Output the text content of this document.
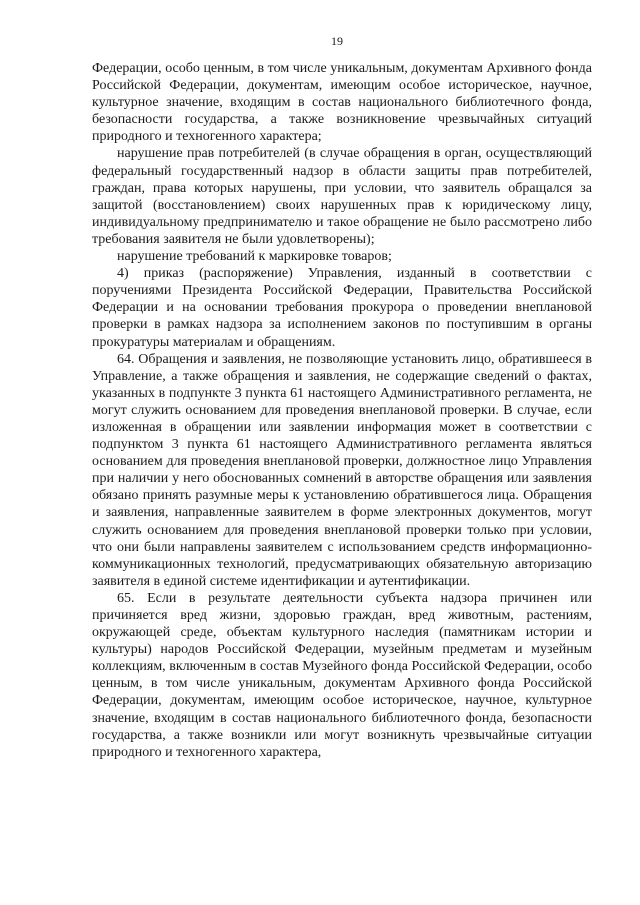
19

Федерации, особо ценным, в том числе уникальным, документам Архивного фонда Российской Федерации, документам, имеющим особое историческое, научное, культурное значение, входящим в состав национального библиотечного фонда, безопасности государства, а также возникновение чрезвычайных ситуаций природного и техногенного характера;

нарушение прав потребителей (в случае обращения в орган, осуществляющий федеральный государственный надзор в области защиты прав потребителей, граждан, права которых нарушены, при условии, что заявитель обращался за защитой (восстановлением) своих нарушенных прав к юридическому лицу, индивидуальному предпринимателю и такое обращение не было рассмотрено либо требования заявителя не были удовлетворены);

нарушение требований к маркировке товаров;

4) приказ (распоряжение) Управления, изданный в соответствии с поручениями Президента Российской Федерации, Правительства Российской Федерации и на основании требования прокурора о проведении внеплановой проверки в рамках надзора за исполнением законов по поступившим в органы прокуратуры материалам и обращениям.

64. Обращения и заявления, не позволяющие установить лицо, обратившееся в Управление, а также обращения и заявления, не содержащие сведений о фактах, указанных в подпункте 3 пункта 61 настоящего Административного регламента, не могут служить основанием для проведения внеплановой проверки. В случае, если изложенная в обращении или заявлении информация может в соответствии с подпунктом 3 пункта 61 настоящего Административного регламента являться основанием для проведения внеплановой проверки, должностное лицо Управления при наличии у него обоснованных сомнений в авторстве обращения или заявления обязано принять разумные меры к установлению обратившегося лица. Обращения и заявления, направленные заявителем в форме электронных документов, могут служить основанием для проведения внеплановой проверки только при условии, что они были направлены заявителем с использованием средств информационно-коммуникационных технологий, предусматривающих обязательную авторизацию заявителя в единой системе идентификации и аутентификации.

65. Если в результате деятельности субъекта надзора причинен или причиняется вред жизни, здоровью граждан, вред животным, растениям, окружающей среде, объектам культурного наследия (памятникам истории и культуры) народов Российской Федерации, музейным предметам и музейным коллекциям, включенным в состав Музейного фонда Российской Федерации, особо ценным, в том числе уникальным, документам Архивного фонда Российской Федерации, документам, имеющим особое историческое, научное, культурное значение, входящим в состав национального библиотечного фонда, безопасности государства, а также возникли или могут возникнуть чрезвычайные ситуации природного и техногенного характера,
